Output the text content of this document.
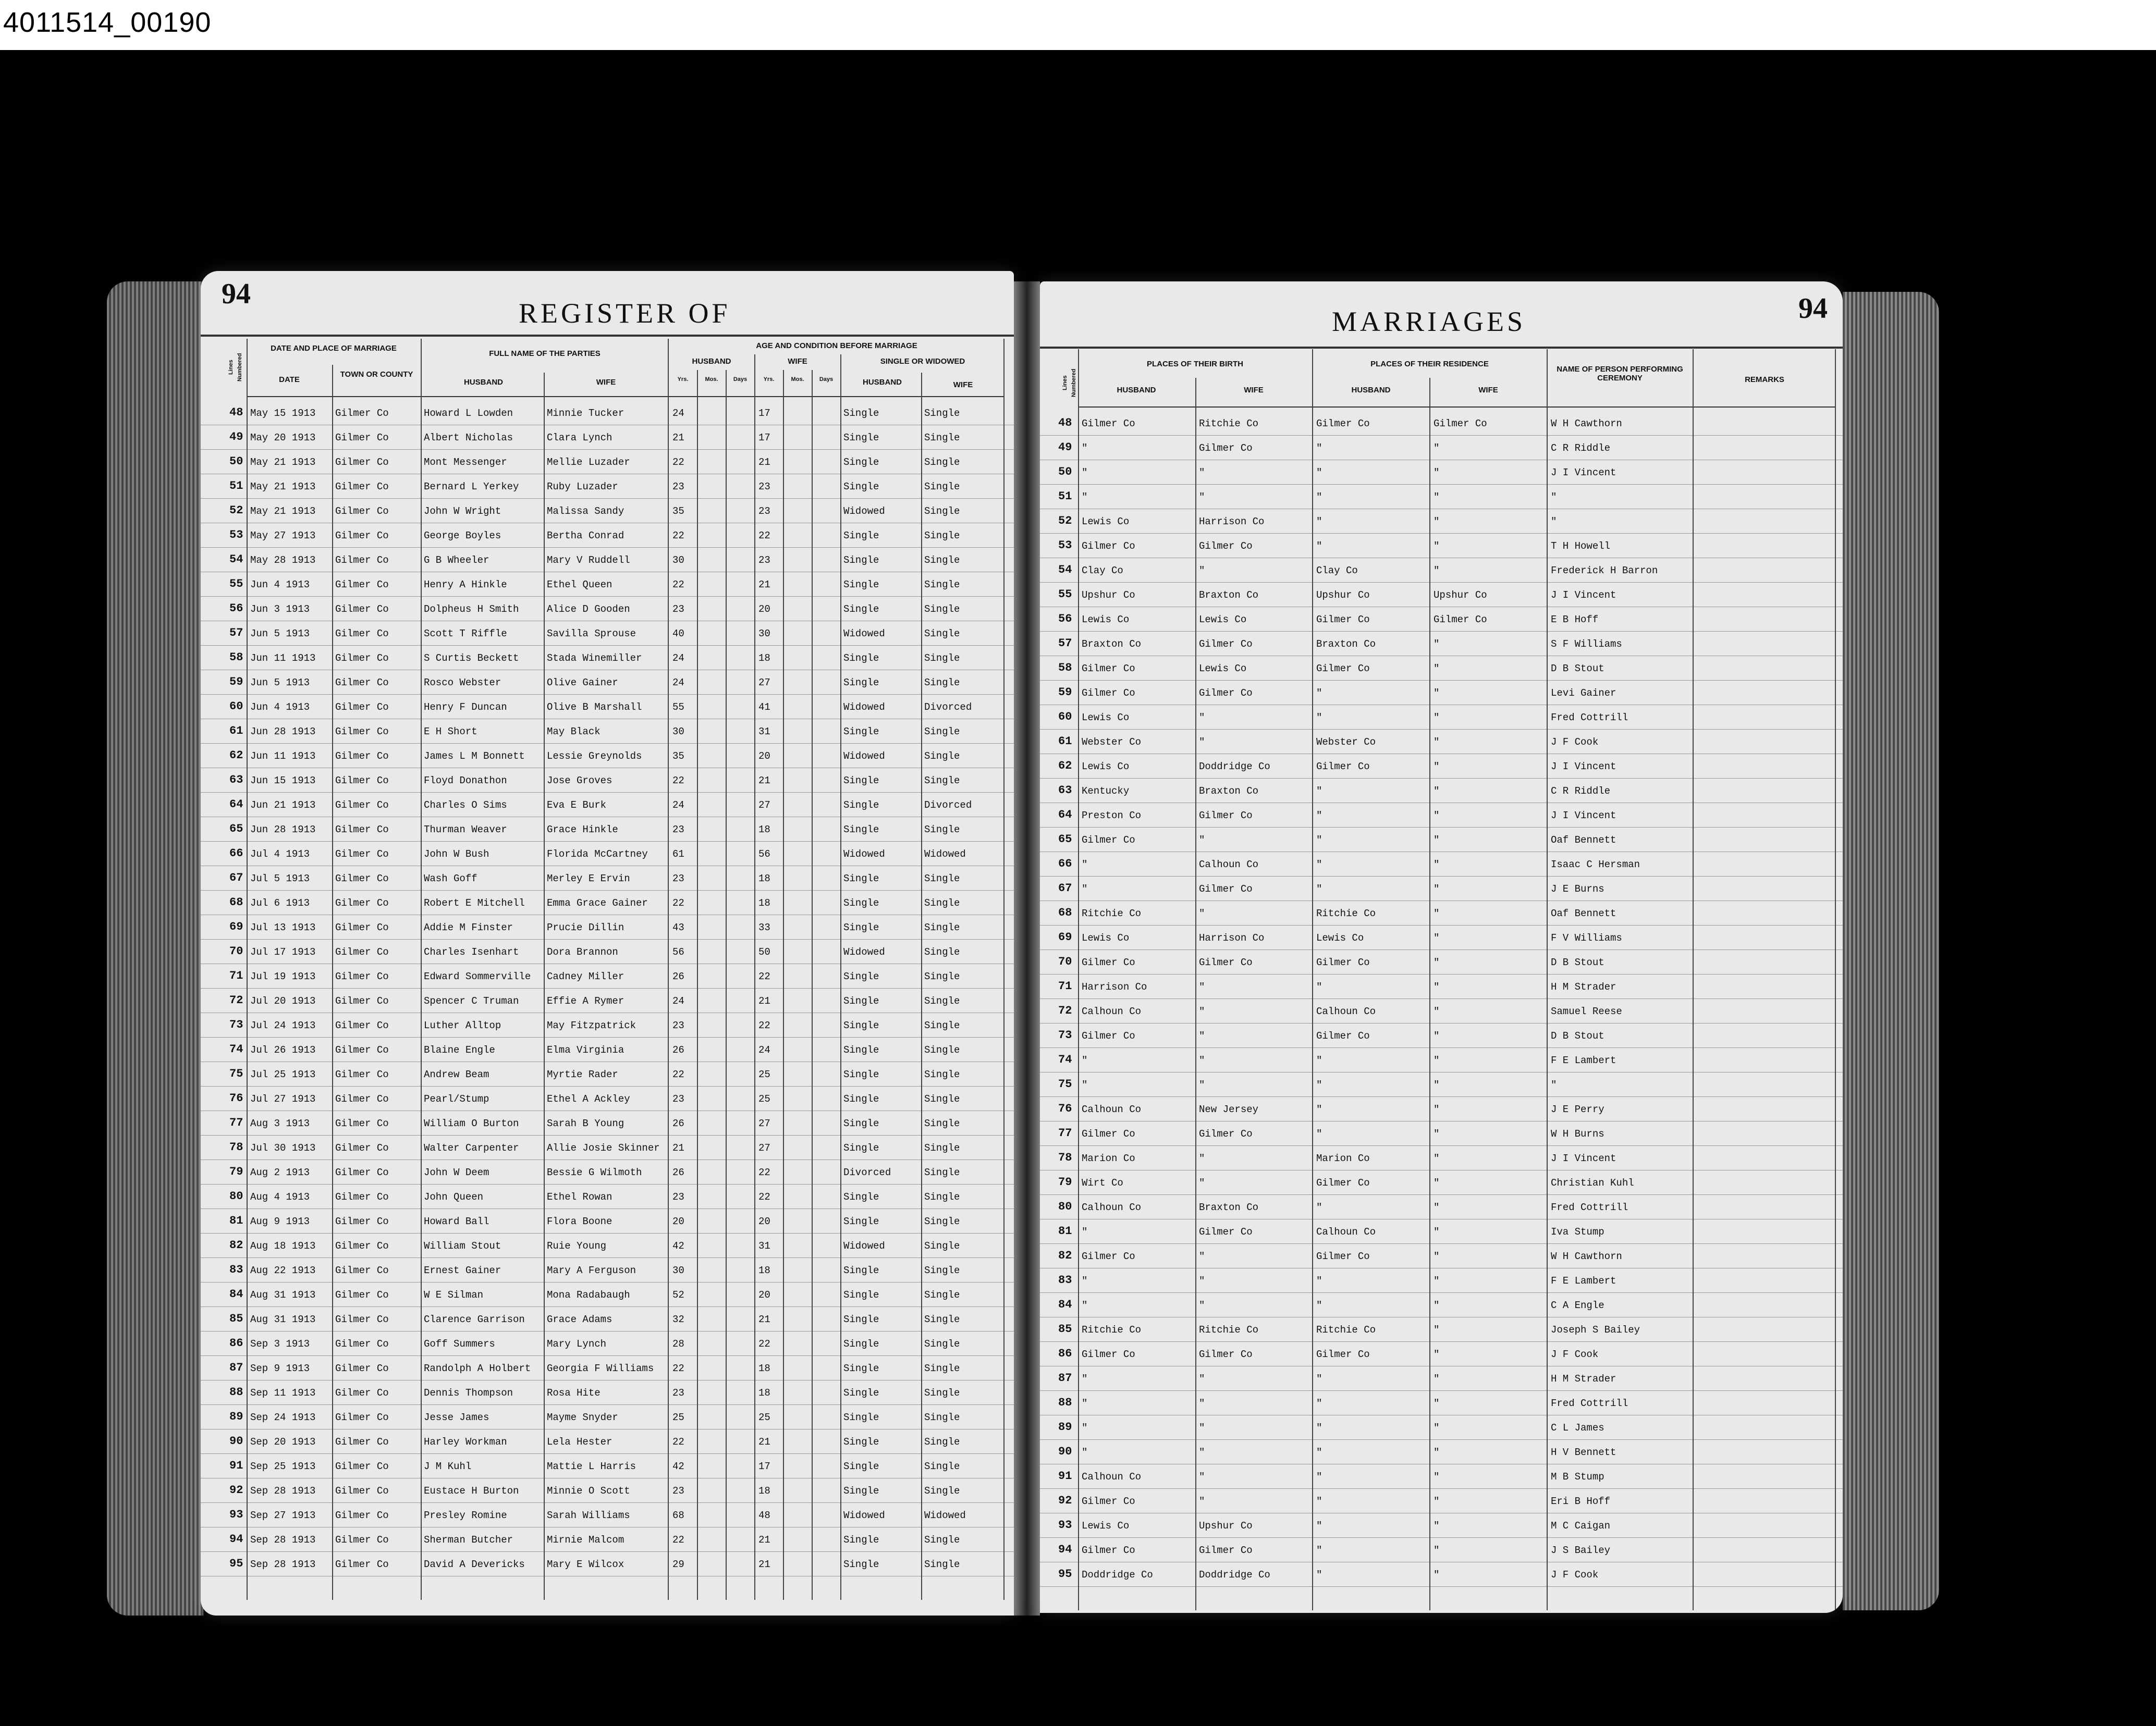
4011514_00190
94
REGISTER OF
Lines Numbered
DATE AND PLACE OF MARRIAGE
DATE
TOWN OR COUNTY
FULL NAME OF THE PARTIES
HUSBAND	WIFE
AGE AND CONDITION BEFORE MARRIAGE
HUSBAND	WIFE	SINGLE OR WIDOWED
Yrs.	Mos.	Days	Yrs.	Mos.	Days	HUSBAND	WIFE
48 May 15 1913	Gilmer Co	Howard L Lowden	Minnie Tucker	24	17	Single	Single
49 May 20 1913	Gilmer Co	Albert Nicholas	Clara Lynch	21	17	Single	Single
50 May 21 1913	Gilmer Co	Mont Messenger	Mellie Luzader	22	21	Single	Single
51 May 21 1913	Gilmer Co	Bernard L Yerkey	Ruby Luzader	23	23	Single	Single
52 May 21 1913	Gilmer Co	John W Wright	Malissa Sandy	35	23	Widowed	Single
53 May 27 1913	Gilmer Co	George Boyles	Bertha Conrad	22	22	Single	Single
54 May 28 1913	Gilmer Co	G B Wheeler	Mary V Ruddell	30	23	Single	Single
55 Jun 4 1913	Gilmer Co	Henry A Hinkle	Ethel Queen	22	21	Single	Single
56 Jun 3 1913	Gilmer Co	Dolpheus H Smith	Alice D Gooden	23	20	Single	Single
57 Jun 5 1913	Gilmer Co	Scott T Riffle	Savilla Sprouse	40	30	Widowed	Single
58 Jun 11 1913	Gilmer Co	S Curtis Beckett	Stada Winemiller	24	18	Single	Single
59 Jun 5 1913	Gilmer Co	Rosco Webster	Olive Gainer	24	27	Single	Single
60 Jun 4 1913	Gilmer Co	Henry F Duncan	Olive B Marshall	55	41	Widowed	Divorced
61 Jun 28 1913	Gilmer Co	E H Short	May Black	30	31	Single	Single
62 Jun 11 1913	Gilmer Co	James L M Bonnett	Lessie Greynolds	35	20	Widowed	Single
63 Jun 15 1913	Gilmer Co	Floyd Donathon	Jose Groves	22	21	Single	Single
64 Jun 21 1913	Gilmer Co	Charles O Sims	Eva E Burk	24	27	Single	Divorced
65 Jun 28 1913	Gilmer Co	Thurman Weaver	Grace Hinkle	23	18	Single	Single
66 Jul 4 1913	Gilmer Co	John W Bush	Florida McCartney	61	56	Widowed	Widowed
67 Jul 5 1913	Gilmer Co	Wash Goff	Merley E Ervin	23	18	Single	Single
68 Jul 6 1913	Gilmer Co	Robert E Mitchell	Emma Grace Gainer	22	18	Single	Single
69 Jul 13 1913	Gilmer Co	Addie M Finster	Prucie Dillin	43	33	Single	Single
70 Jul 17 1913	Gilmer Co	Charles Isenhart	Dora Brannon	56	50	Widowed	Single
71 Jul 19 1913	Gilmer Co	Edward Sommerville	Cadney Miller	26	22	Single	Single
72 Jul 20 1913	Gilmer Co	Spencer C Truman	Effie A Rymer	24	21	Single	Single
73 Jul 24 1913	Gilmer Co	Luther Alltop	May Fitzpatrick	23	22	Single	Single
74 Jul 26 1913	Gilmer Co	Blaine Engle	Elma Virginia	26	24	Single	Single
75 Jul 25 1913	Gilmer Co	Andrew Beam	Myrtie Rader	22	25	Single	Single
76 Jul 27 1913	Gilmer Co	Pearl/Stump	Ethel A Ackley	23	25	Single	Single
77 Aug 3 1913	Gilmer Co	William O Burton	Sarah B Young	26	27	Single	Single
78 Jul 30 1913	Gilmer Co	Walter Carpenter	Allie Josie Skinner	21	27	Single	Single
79 Aug 2 1913	Gilmer Co	John W Deem	Bessie G Wilmoth	26	22	Divorced	Single
80 Aug 4 1913	Gilmer Co	John Queen	Ethel Rowan	23	22	Single	Single
81 Aug 9 1913	Gilmer Co	Howard Ball	Flora Boone	20	20	Single	Single
82 Aug 18 1913	Gilmer Co	William Stout	Ruie Young	42	31	Widowed	Single
83 Aug 22 1913	Gilmer Co	Ernest Gainer	Mary A Ferguson	30	18	Single	Single
84 Aug 31 1913	Gilmer Co	W E Silman	Mona Radabaugh	52	20	Single	Single
85 Aug 31 1913	Gilmer Co	Clarence Garrison	Grace Adams	32	21	Single	Single
86 Sep 3 1913	Gilmer Co	Goff Summers	Mary Lynch	28	22	Single	Single
87 Sep 9 1913	Gilmer Co	Randolph A Holbert	Georgia F Williams	22	18	Single	Single
88 Sep 11 1913	Gilmer Co	Dennis Thompson	Rosa Hite	23	18	Single	Single
89 Sep 24 1913	Gilmer Co	Jesse James	Mayme Snyder	25	25	Single	Single
90 Sep 20 1913	Gilmer Co	Harley Workman	Lela Hester	22	21	Single	Single
91 Sep 25 1913	Gilmer Co	J M Kuhl	Mattie L Harris	42	17	Single	Single
92 Sep 28 1913	Gilmer Co	Eustace H Burton	Minnie O Scott	23	18	Single	Single
93 Sep 27 1913	Gilmer Co	Presley Romine	Sarah Williams	68	48	Widowed	Widowed
94 Sep 28 1913	Gilmer Co	Sherman Butcher	Mirnie Malcom	22	21	Single	Single
95 Sep 28 1913	Gilmer Co	David A Devericks	Mary E Wilcox	29	21	Single	Single
MARRIAGES	94
Lines Numbered
PLACES OF THEIR BIRTH
HUSBAND	WIFE
PLACES OF THEIR RESIDENCE
HUSBAND	WIFE
NAME OF PERSON PERFORMING CEREMONY	REMARKS
48 Gilmer Co	Ritchie Co	Gilmer Co	Gilmer Co	W H Cawthorn
49 "	Gilmer Co	"	"	C R Riddle
50 "	"	"	"	J I Vincent
51 "	"	"	"	"
52 Lewis Co	Harrison Co	"	"	"
53 Gilmer Co	Gilmer Co	"	"	T H Howell
54 Clay Co	"	Clay Co	"	Frederick H Barron
55 Upshur Co	Braxton Co	Upshur Co	Upshur Co	J I Vincent
56 Lewis Co	Lewis Co	Gilmer Co	Gilmer Co	E B Hoff
57 Braxton Co	Gilmer Co	Braxton Co	"	S F Williams
58 Gilmer Co	Lewis Co	Gilmer Co	"	D B Stout
59 Gilmer Co	Gilmer Co	"	"	Levi Gainer
60 Lewis Co	"	"	"	Fred Cottrill
61 Webster Co	"	Webster Co	"	J F Cook
62 Lewis Co	Doddridge Co	Gilmer Co	"	J I Vincent
63 Kentucky	Braxton Co	"	"	C R Riddle
64 Preston Co	Gilmer Co	"	"	J I Vincent
65 Gilmer Co	"	"	"	Oaf Bennett
66 "	Calhoun Co	"	"	Isaac C Hersman
67 "	Gilmer Co	"	"	J E Burns
68 Ritchie Co	"	Ritchie Co	"	Oaf Bennett
69 Lewis Co	Harrison Co	Lewis Co	"	F V Williams
70 Gilmer Co	Gilmer Co	Gilmer Co	"	D B Stout
71 Harrison Co	"	"	"	H M Strader
72 Calhoun Co	"	Calhoun Co	"	Samuel Reese
73 Gilmer Co	"	Gilmer Co	"	D B Stout
74 "	"	"	"	F E Lambert
75 "	"	"	"	"
76 Calhoun Co	New Jersey	"	"	J E Perry
77 Gilmer Co	Gilmer Co	"	"	W H Burns
78 Marion Co	"	Marion Co	"	J I Vincent
79 Wirt Co	"	Gilmer Co	"	Christian Kuhl
80 Calhoun Co	Braxton Co	"	"	Fred Cottrill
81 "	Gilmer Co	Calhoun Co	"	Iva Stump
82 Gilmer Co	"	Gilmer Co	"	W H Cawthorn
83 "	"	"	"	F E Lambert
84 "	"	"	"	C A Engle
85 Ritchie Co	Ritchie Co	Ritchie Co	"	Joseph S Bailey
86 Gilmer Co	Gilmer Co	Gilmer Co	"	J F Cook
87 "	"	"	"	H M Strader
88 "	"	"	"	Fred Cottrill
89 "	"	"	"	C L James
90 "	"	"	"	H V Bennett
91 Calhoun Co	"	"	"	M B Stump
92 Gilmer Co	"	"	"	Eri B Hoff
93 Lewis Co	Upshur Co	"	"	M C Caigan
94 Gilmer Co	Gilmer Co	"	"	J S Bailey
95 Doddridge Co	Doddridge Co	"	"	J F Cook
